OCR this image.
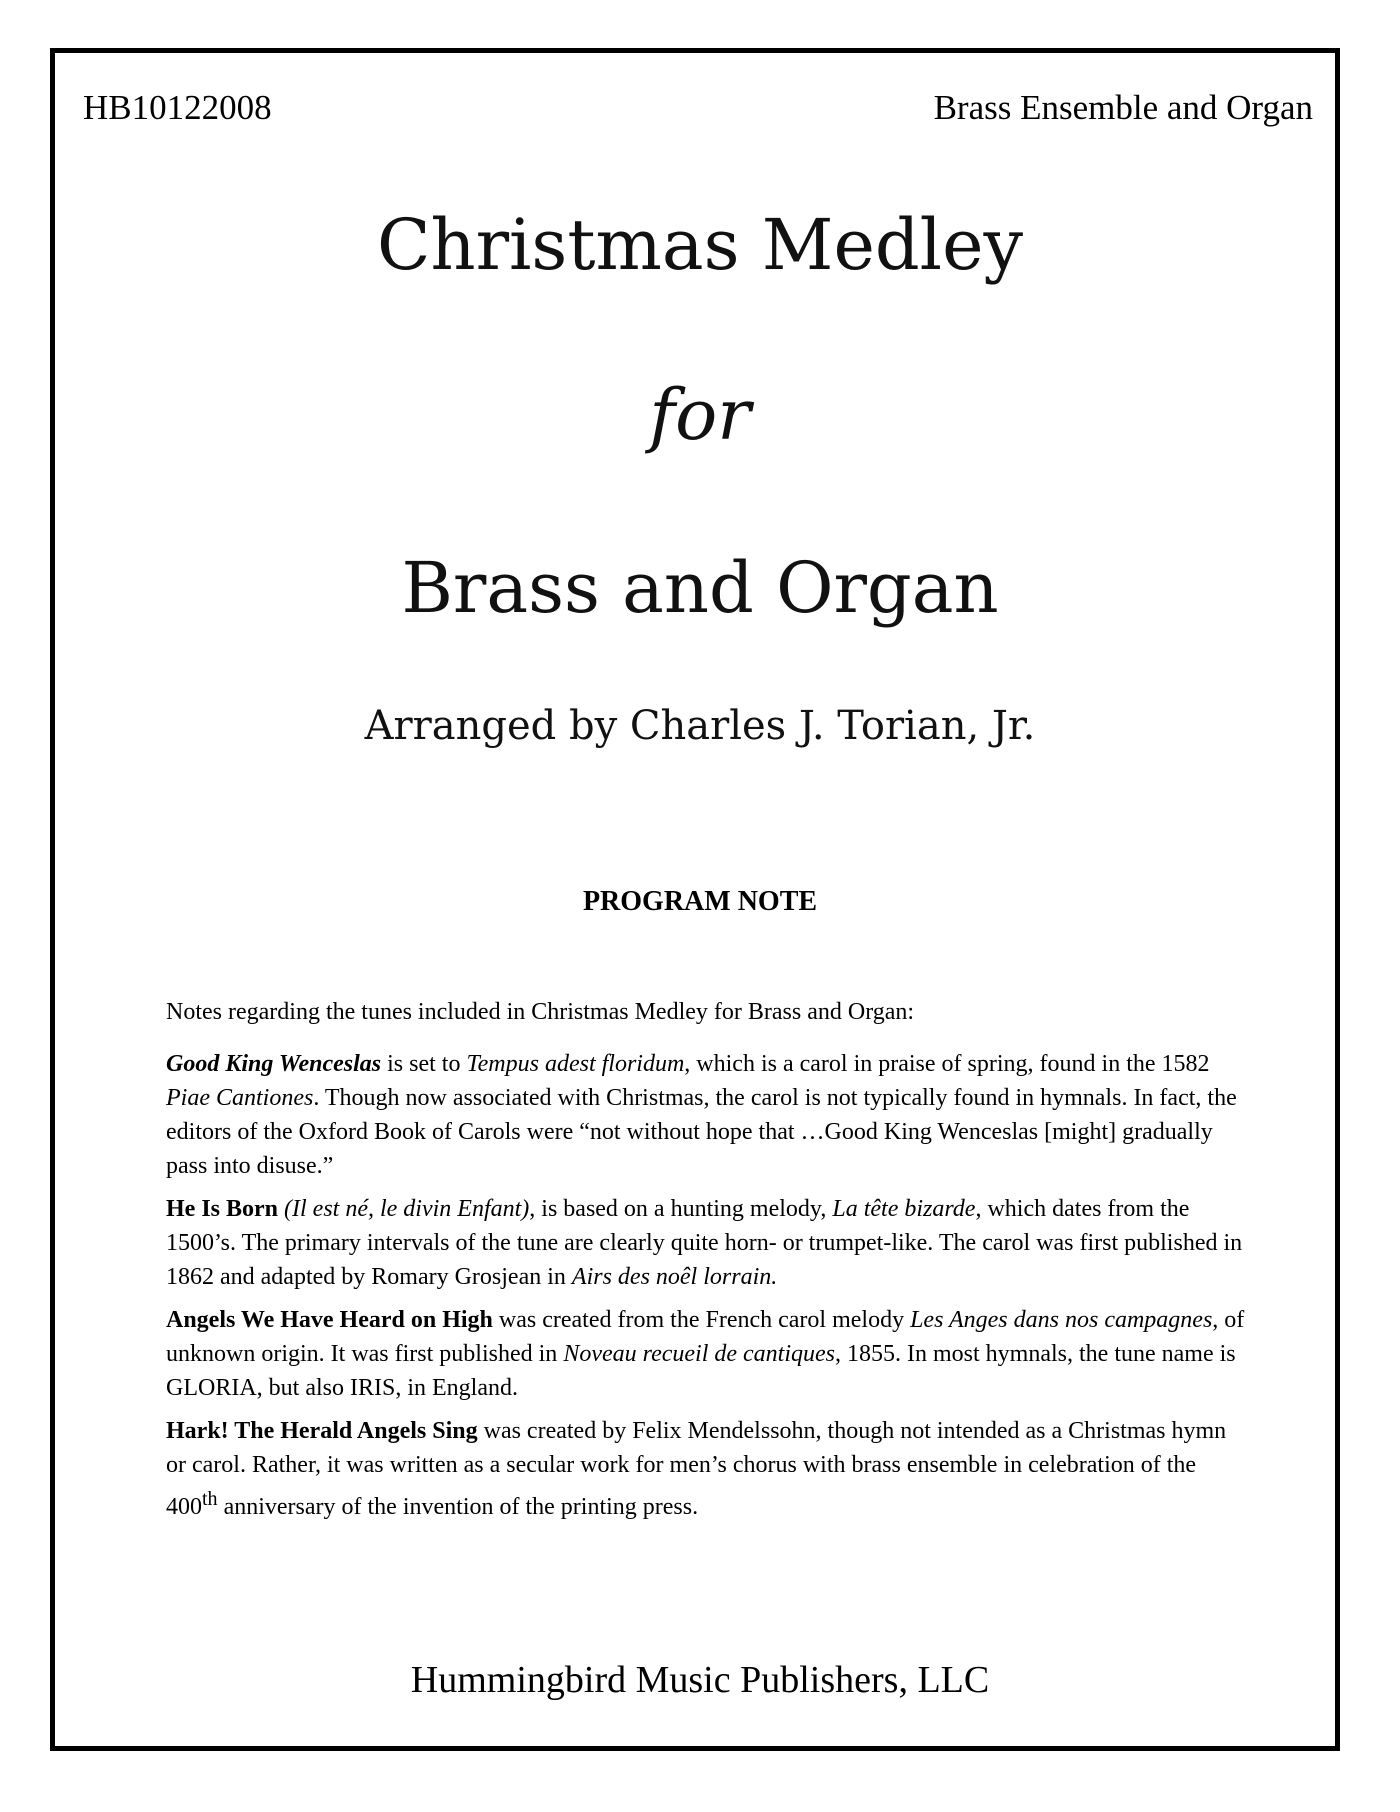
HB10122008	Brass Ensemble and Organ
Christmas Medley
for
Brass and Organ
Arranged by Charles J. Torian, Jr.
PROGRAM NOTE

Notes regarding the tunes included in Christmas Medley for Brass and Organ:

Good King Wenceslas is set to Tempus adest floridum, which is a carol in praise of spring, found in the 1582 Piae Cantiones. Though now associated with Christmas, the carol is not typically found in hymnals. In fact, the editors of the Oxford Book of Carols were “not without hope that …Good King Wenceslas [might] gradually pass into disuse.”

He Is Born (Il est né, le divin Enfant), is based on a hunting melody, La tête bizarde, which dates from the 1500’s. The primary intervals of the tune are clearly quite horn- or trumpet-like. The carol was first published in 1862 and adapted by Romary Grosjean in Airs des noêl lorrain.

Angels We Have Heard on High was created from the French carol melody Les Anges dans nos campagnes, of unknown origin. It was first published in Noveau recueil de cantiques, 1855. In most hymnals, the tune name is GLORIA, but also IRIS, in England.

Hark! The Herald Angels Sing was created by Felix Mendelssohn, though not intended as a Christmas hymn or carol. Rather, it was written as a secular work for men’s chorus with brass ensemble in celebration of the 400th anniversary of the invention of the printing press.

Hummingbird Music Publishers, LLC
